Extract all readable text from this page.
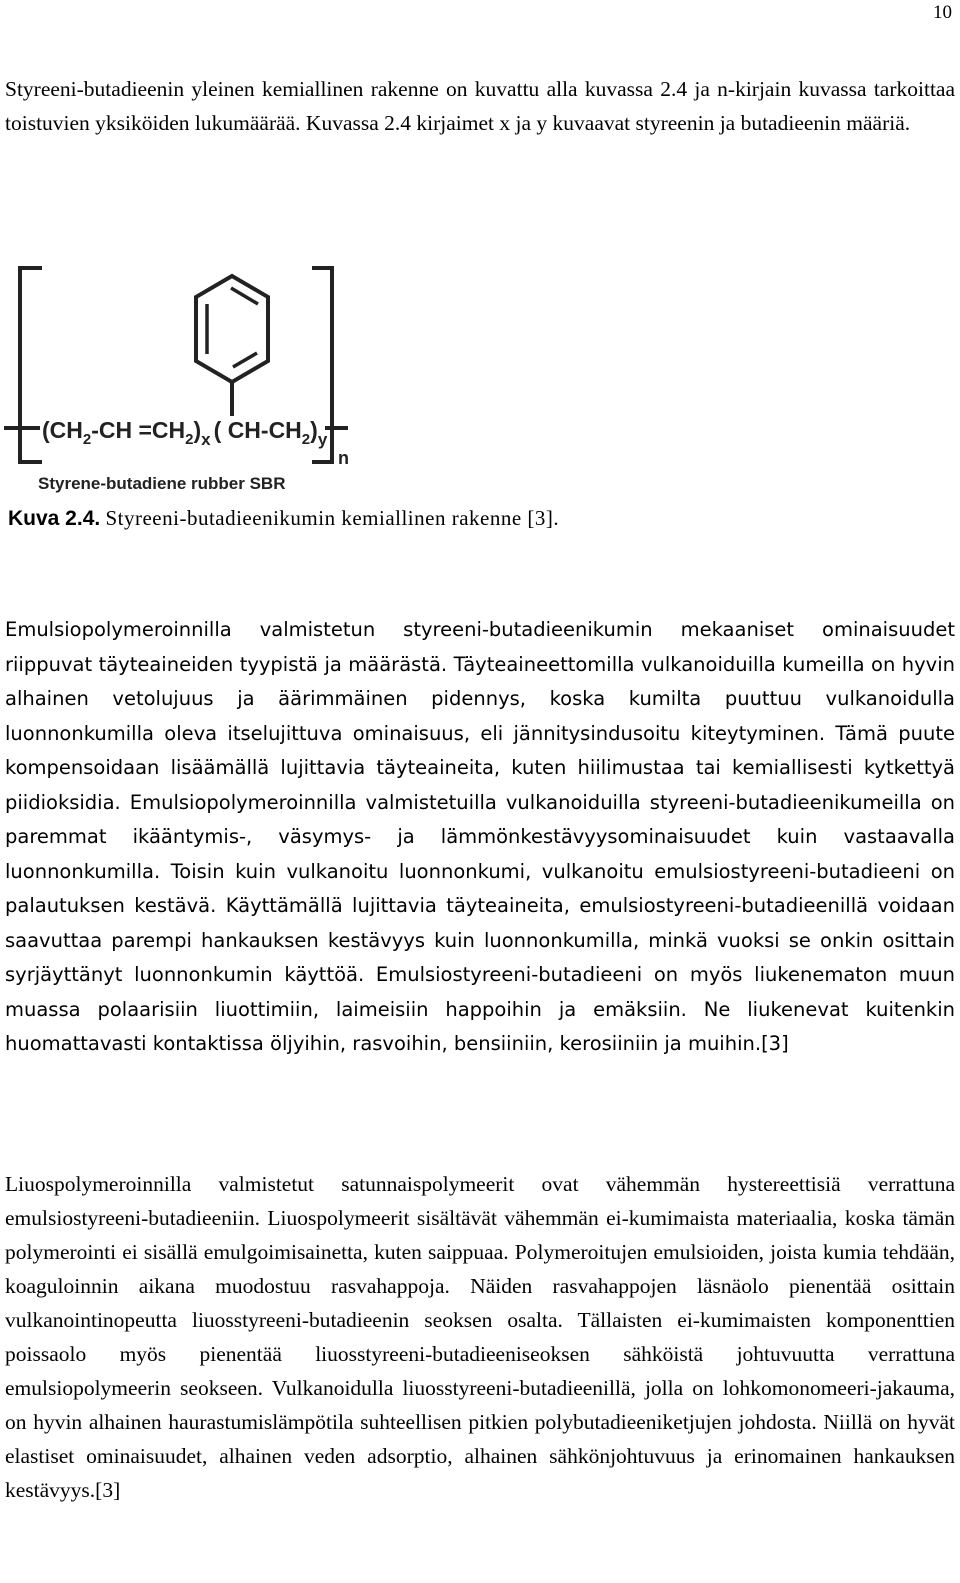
10

Styreeni-butadieenin yleinen kemiallinen rakenne on kuvattu alla kuvassa 2.4 ja n-kirjain kuvassa tarkoittaa toistuvien yksiköiden lukumäärää. Kuvassa 2.4 kirjaimet x ja y kuvaavat styreenin ja butadieenin määriä.

$(CH_2-CH =CH_2)_x$ ( $CH-CH_2)_y$
n
Styrene-butadiene rubber SBR
Kuva 2.4. Styreeni-butadieenikumin kemiallinen rakenne [3].

Emulsiopolymeroinnilla valmistetun styreeni-butadieenikumin mekaaniset ominaisuudet riippuvat täyteaineiden tyypistä ja määrästä. Täyteaineettomilla vulkanoiduilla kumeilla on hyvin alhainen vetolujuus ja äärimmäinen pidennys, koska kumilta puuttuu vulkanoidulla luonnonkumilla oleva itselujittuva ominaisuus, eli jännitysindusoitu kiteytyminen. Tämä puute kompensoidaan lisäämällä lujittavia täyteaineita, kuten hiilimustaa tai kemiallisesti kytkettyä piidioksidia. Emulsiopolymeroinnilla valmistetuilla vulkanoiduilla styreeni-butadieenikumeilla on paremmat ikääntymis-, väsymys- ja lämmönkestävyysominaisuudet kuin vastaavalla luonnonkumilla. Toisin kuin vulkanoitu luonnonkumi, vulkanoitu emulsiostyreeni-butadieeni on palautuksen kestävä. Käyttämällä lujittavia täyteaineita, emulsiostyreeni-butadieenillä voidaan saavuttaa parempi hankauksen kestävyys kuin luonnonkumilla, minkä vuoksi se onkin osittain syrjäyttänyt luonnonkumin käyttöä. Emulsiostyreeni-butadieeni on myös liukenematon muun muassa polaarisiin liuottimiin, laimeisiin happoihin ja emäksiin. Ne liukenevat kuitenkin huomattavasti kontaktissa öljyihin, rasvoihin, bensiiniin, kerosiiniin ja muihin.[3]

Liuospolymeroinnilla valmistetut satunnaispolymeerit ovat vähemmän hystereettisiä verrattuna emulsiostyreeni-butadieeniin. Liuospolymeerit sisältävät vähemmän ei-kumimaista materiaalia, koska tämän polymerointi ei sisällä emulgoimisainetta, kuten saippuaa. Polymeroitujen emulsioiden, joista kumia tehdään, koaguloinnin aikana muodostuu rasvahappoja. Näiden rasvahappojen läsnäolo pienentää osittain vulkanointinopeutta liuosstyreeni-butadieenin seoksen osalta. Tällaisten ei-kumimaisten komponenttien poissaolo myös pienentää liuosstyreeni-butadieeniseoksen sähköistä johtuvuutta verrattuna emulsiopolymeerin seokseen. Vulkanoidulla liuosstyreeni-butadieenillä, jolla on lohkomonomeeri-jakauma, on hyvin alhainen haurastumislämpötila suhteellisen pitkien polybutadieeniketjujen johdosta. Niillä on hyvät elastiset ominaisuudet, alhainen veden adsorptio, alhainen sähkönjohtuvuus ja erinomainen hankauksen kestävyys.[3]
